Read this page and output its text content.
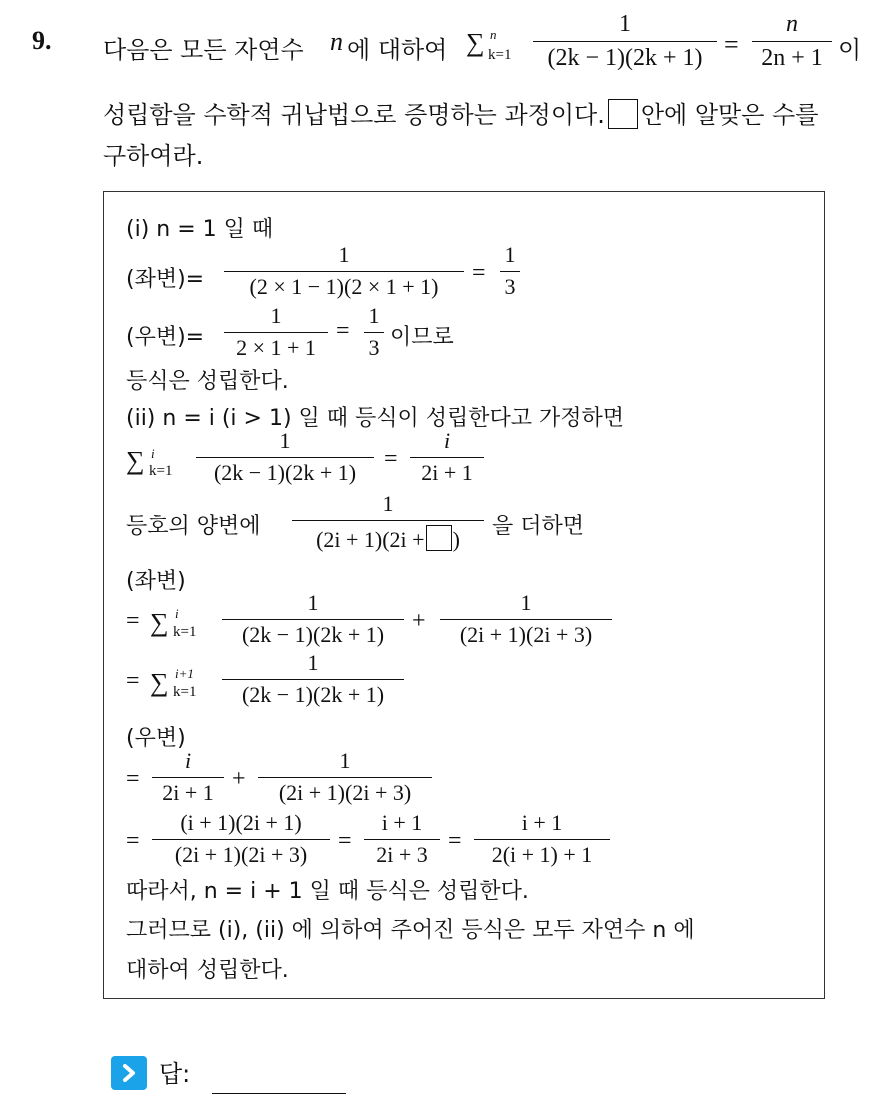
9. 다음은 모든 자연수 n 에 대하여 ∑ n
k=1
1
(2k − 1)(2k + 1) =
n
2n + 1 이
성립함을 수학적 귀납법으로 증명하는 과정이다. 안에 알맞은 수를
구하여라.
(i) n = 1 일 때
(좌변)=
1
(2 × 1 − 1)(2 × 1 + 1)
=
1
3
(우변)=
1
2 × 1 + 1
=
1
3 이므로
등식은 성립한다.
(ii) n = i (i > 1) 일 때 등식이 성립한다고 가정하면
∑ i
k=1
1
(2k − 1)(2k + 1)
=
i
2i + 1
등호의 양변에
1
(2i + 1)(2i + )
을 더하면
(좌변)
= ∑ i
k=1
1
(2k − 1)(2k + 1)
+
1
(2i + 1)(2i + 3)
= ∑ i+1
k=1
1
(2k − 1)(2k + 1)
(우변)
=
i
2i + 1
+
1
(2i + 1)(2i + 3)
=
(i + 1)(2i + 1)
(2i + 1)(2i + 3)
=
i + 1
2i + 3
=
i + 1
2(i + 1) + 1
따라서, n = i + 1 일 때 등식은 성립한다.
그러므로 (i), (ii) 에 의하여 주어진 등식은 모두 자연수 n 에
대하여 성립한다.
답:
